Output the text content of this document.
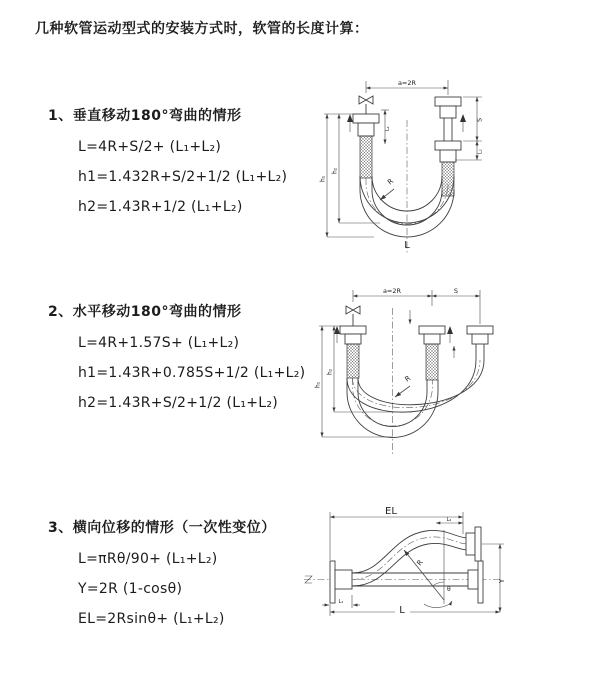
几种软管运动型式的安装方式时，软管的长度计算：
1、垂直移动180°弯曲的情形
L=4R+S/2+ (L₁+L₂)
h1=1.432R+S/2+1/2 (L₁+L₂)
h2=1.43R+1/2 (L₁+L₂)
a=2R
L₁
S
L₂
h₁
h₂
R
L
2、水平移动180°弯曲的情形
L=4R+1.57S+ (L₁+L₂)
h1=1.43R+0.785S+1/2 (L₁+L₂)
h2=1.43R+S/2+1/2 (L₁+L₂)
a=2R	S
h₁
h₂
R
3、横向位移的情形（一次性变位）
L=πRθ/90+ (L₁+L₂)
Y=2R (1-cosθ)
EL=2Rsinθ+ (L₁+L₂)
θ
R
EL
L₂
Y
L₁
L
